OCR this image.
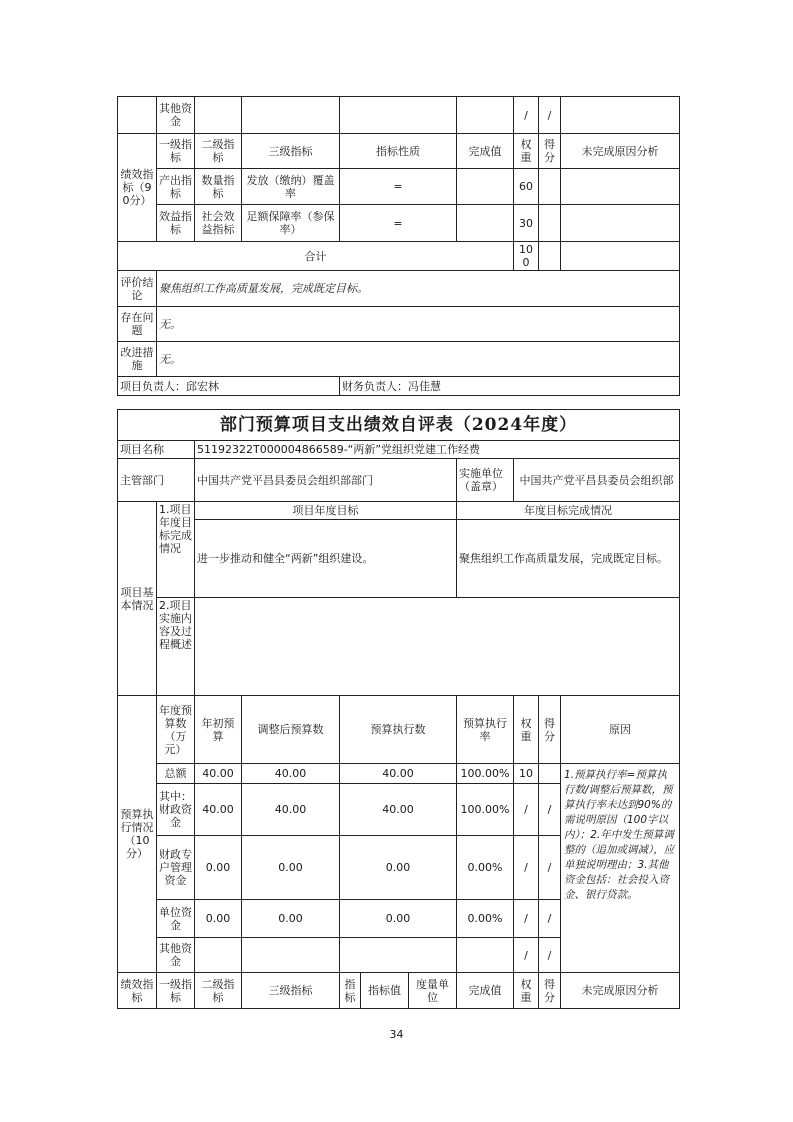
	其他资金					/	/	
绩效指标（90分）	一级指标	二级指标	三级指标	指标性质	完成值	权重	得分	未完成原因分析
	产出指标	数量指标	发放（缴纳）覆盖率	=		60		
	效益指标	社会效益指标	足额保障率（参保率）	=		30		
合计						100		
评价结论	聚焦组织工作高质量发展，完成既定目标。							
存在问题	无。							
改进措施	无。							
项目负责人：邱宏林				财务负责人：冯佳慧				
部门预算项目支出绩效自评表（2024年度）										
项目名称		51192322T000004866589-“两新”党组织党建工作经费								
主管部门		中国共产党平昌县委员会组织部部门					实施单位（盖章）	中国共产党平昌县委员会组织部		
项目基本情况	1.项目年度目标完成情况	项目年度目标					年度目标完成情况			
		进一步推动和健全“两新”组织建设。					聚焦组织工作高质量发展，完成既定目标。			
	2.项目实施内容及过程概述									
预算执行情况（10分）	年度预算数（万元）	年初预算	调整后预算数	预算执行数			预算执行率	权重	得分	原因
	总额	40.00	40.00	40.00			100.00%	10		1.预算执行率=预算执行数/调整后预算数，预算执行率未达到90%的需说明原因（100字以内）；2.年中发生预算调整的（追加或调减），应单独说明理由；3.其他资金包括：社会投入资金、银行贷款。
	其中：财政资金	40.00	40.00	40.00			100.00%	/	/	
	财政专户管理资金	0.00	0.00	0.00			0.00%	/	/	
	单位资金	0.00	0.00	0.00			0.00%	/	/	
	其他资金							/	/	
绩效指标	一级指标	二级指标	三级指标	指标	指标值	度量单位	完成值	权重	得分	未完成原因分析
34
